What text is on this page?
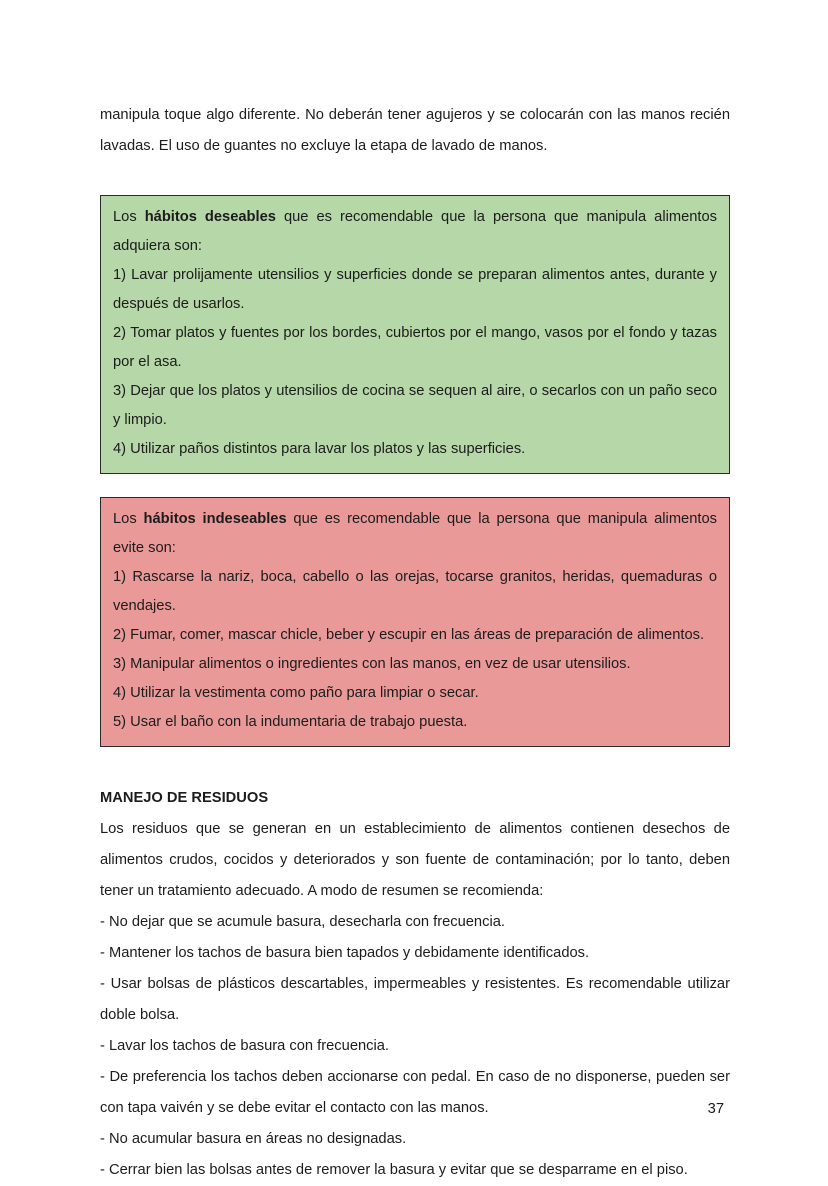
manipula toque algo diferente. No deberán tener agujeros y se colocarán con las manos recién lavadas. El uso de guantes no excluye la etapa de lavado de manos.

Los hábitos deseables que es recomendable que la persona que manipula alimentos adquiera son:

1) Lavar prolijamente utensilios y superficies donde se preparan alimentos antes, durante y después de usarlos.

2) Tomar platos y fuentes por los bordes, cubiertos por el mango, vasos por el fondo y tazas por el asa.

3) Dejar que los platos y utensilios de cocina se sequen al aire, o secarlos con un paño seco y limpio.

4) Utilizar paños distintos para lavar los platos y las superficies.

Los hábitos indeseables que es recomendable que la persona que manipula alimentos evite son:

1) Rascarse la nariz, boca, cabello o las orejas, tocarse granitos, heridas, quemaduras o vendajes.

2) Fumar, comer, mascar chicle, beber y escupir en las áreas de preparación de alimentos.

3) Manipular alimentos o ingredientes con las manos, en vez de usar utensilios.

4) Utilizar la vestimenta como paño para limpiar o secar.

5) Usar el baño con la indumentaria de trabajo puesta.

MANEJO DE RESIDUOS

Los residuos que se generan en un establecimiento de alimentos contienen desechos de alimentos crudos, cocidos y deteriorados y son fuente de contaminación; por lo tanto, deben tener un tratamiento adecuado. A modo de resumen se recomienda:

- No dejar que se acumule basura, desecharla con frecuencia.

- Mantener los tachos de basura bien tapados y debidamente identificados.

- Usar bolsas de plásticos descartables, impermeables y resistentes. Es recomendable utilizar doble bolsa.

- Lavar los tachos de basura con frecuencia.

- De preferencia los tachos deben accionarse con pedal. En caso de no disponerse, pueden ser con tapa vaivén y se debe evitar el contacto con las manos.

- No acumular basura en áreas no designadas.

- Cerrar bien las bolsas antes de remover la basura y evitar que se desparrame en el piso.

37
